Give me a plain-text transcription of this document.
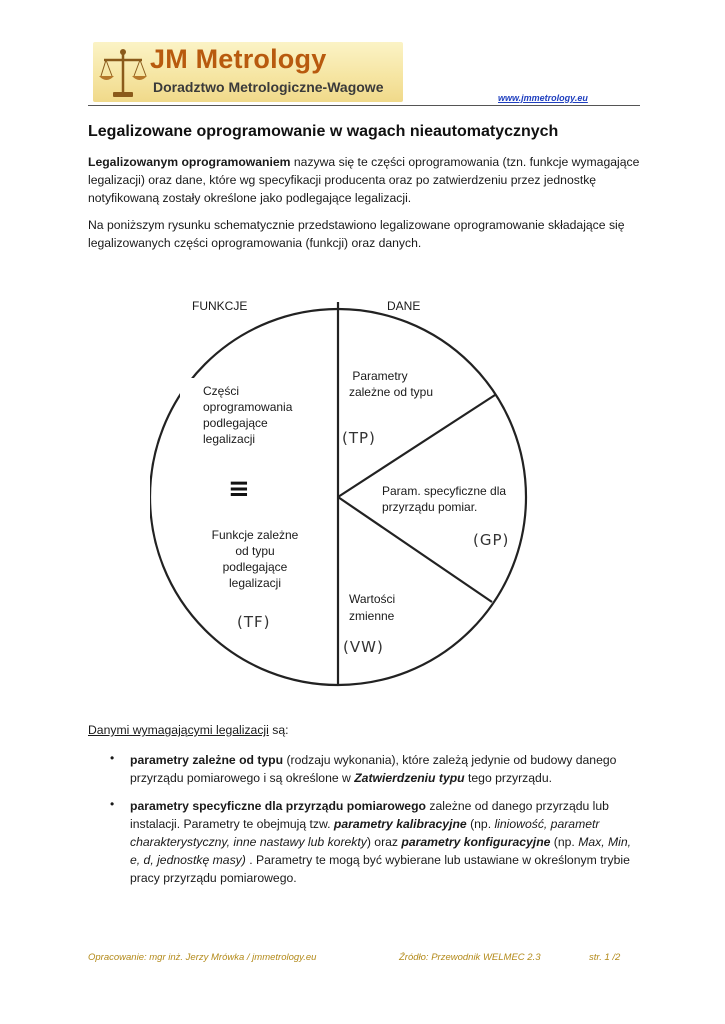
JM Metrology
Doradztwo Metrologiczne-Wagowe
www.jmmetrology.eu
Legalizowane oprogramowanie w wagach nieautomatycznych

Legalizowanym oprogramowaniem nazywa się te części oprogramowania (tzn. funkcje wymagające
legalizacji) oraz dane, które wg specyfikacji producenta oraz po zatwierdzeniu przez jednostkę
notyfikowaną zostały określone jako podlegające legalizacji.

Na poniższym rysunku schematycznie przedstawiono legalizowane oprogramowanie składające się
legalizowanych części oprogramowania (funkcji) oraz danych.

FUNKCJE	DANE
Części
oprogramowania
podlegające
legalizacji
≡
Funkcje zależne
od typu
podlegające
legalizacji
(TF)
Parametry
zależne od typu
(TP)
Param. specyficzne dla
przyrządu pomiar.
(GP)
Wartości
zmienne
(VW)
Danymi wymagającymi legalizacji są:
• parametry zależne od typu (rodzaju wykonania), które zależą jedynie od budowy danego
przyrządu pomiarowego i są określone w Zatwierdzeniu typu tego przyrządu.

• parametry specyficzne dla przyrządu pomiarowego zależne od danego przyrządu lub
instalacji. Parametry te obejmują tzw. parametry kalibracyjne (np. liniowość, parametr
charakterystyczny, inne nastawy lub korekty) oraz parametry konfiguracyjne (np. Max, Min,
e, d, jednostkę masy) . Parametry te mogą być wybierane lub ustawiane w określonym trybie
pracy przyrządu pomiarowego.

Opracowanie: mgr inż. Jerzy Mrówka / jmmetrology.eu	Źródło: Przewodnik WELMEC 2.3	str. 1 /2
